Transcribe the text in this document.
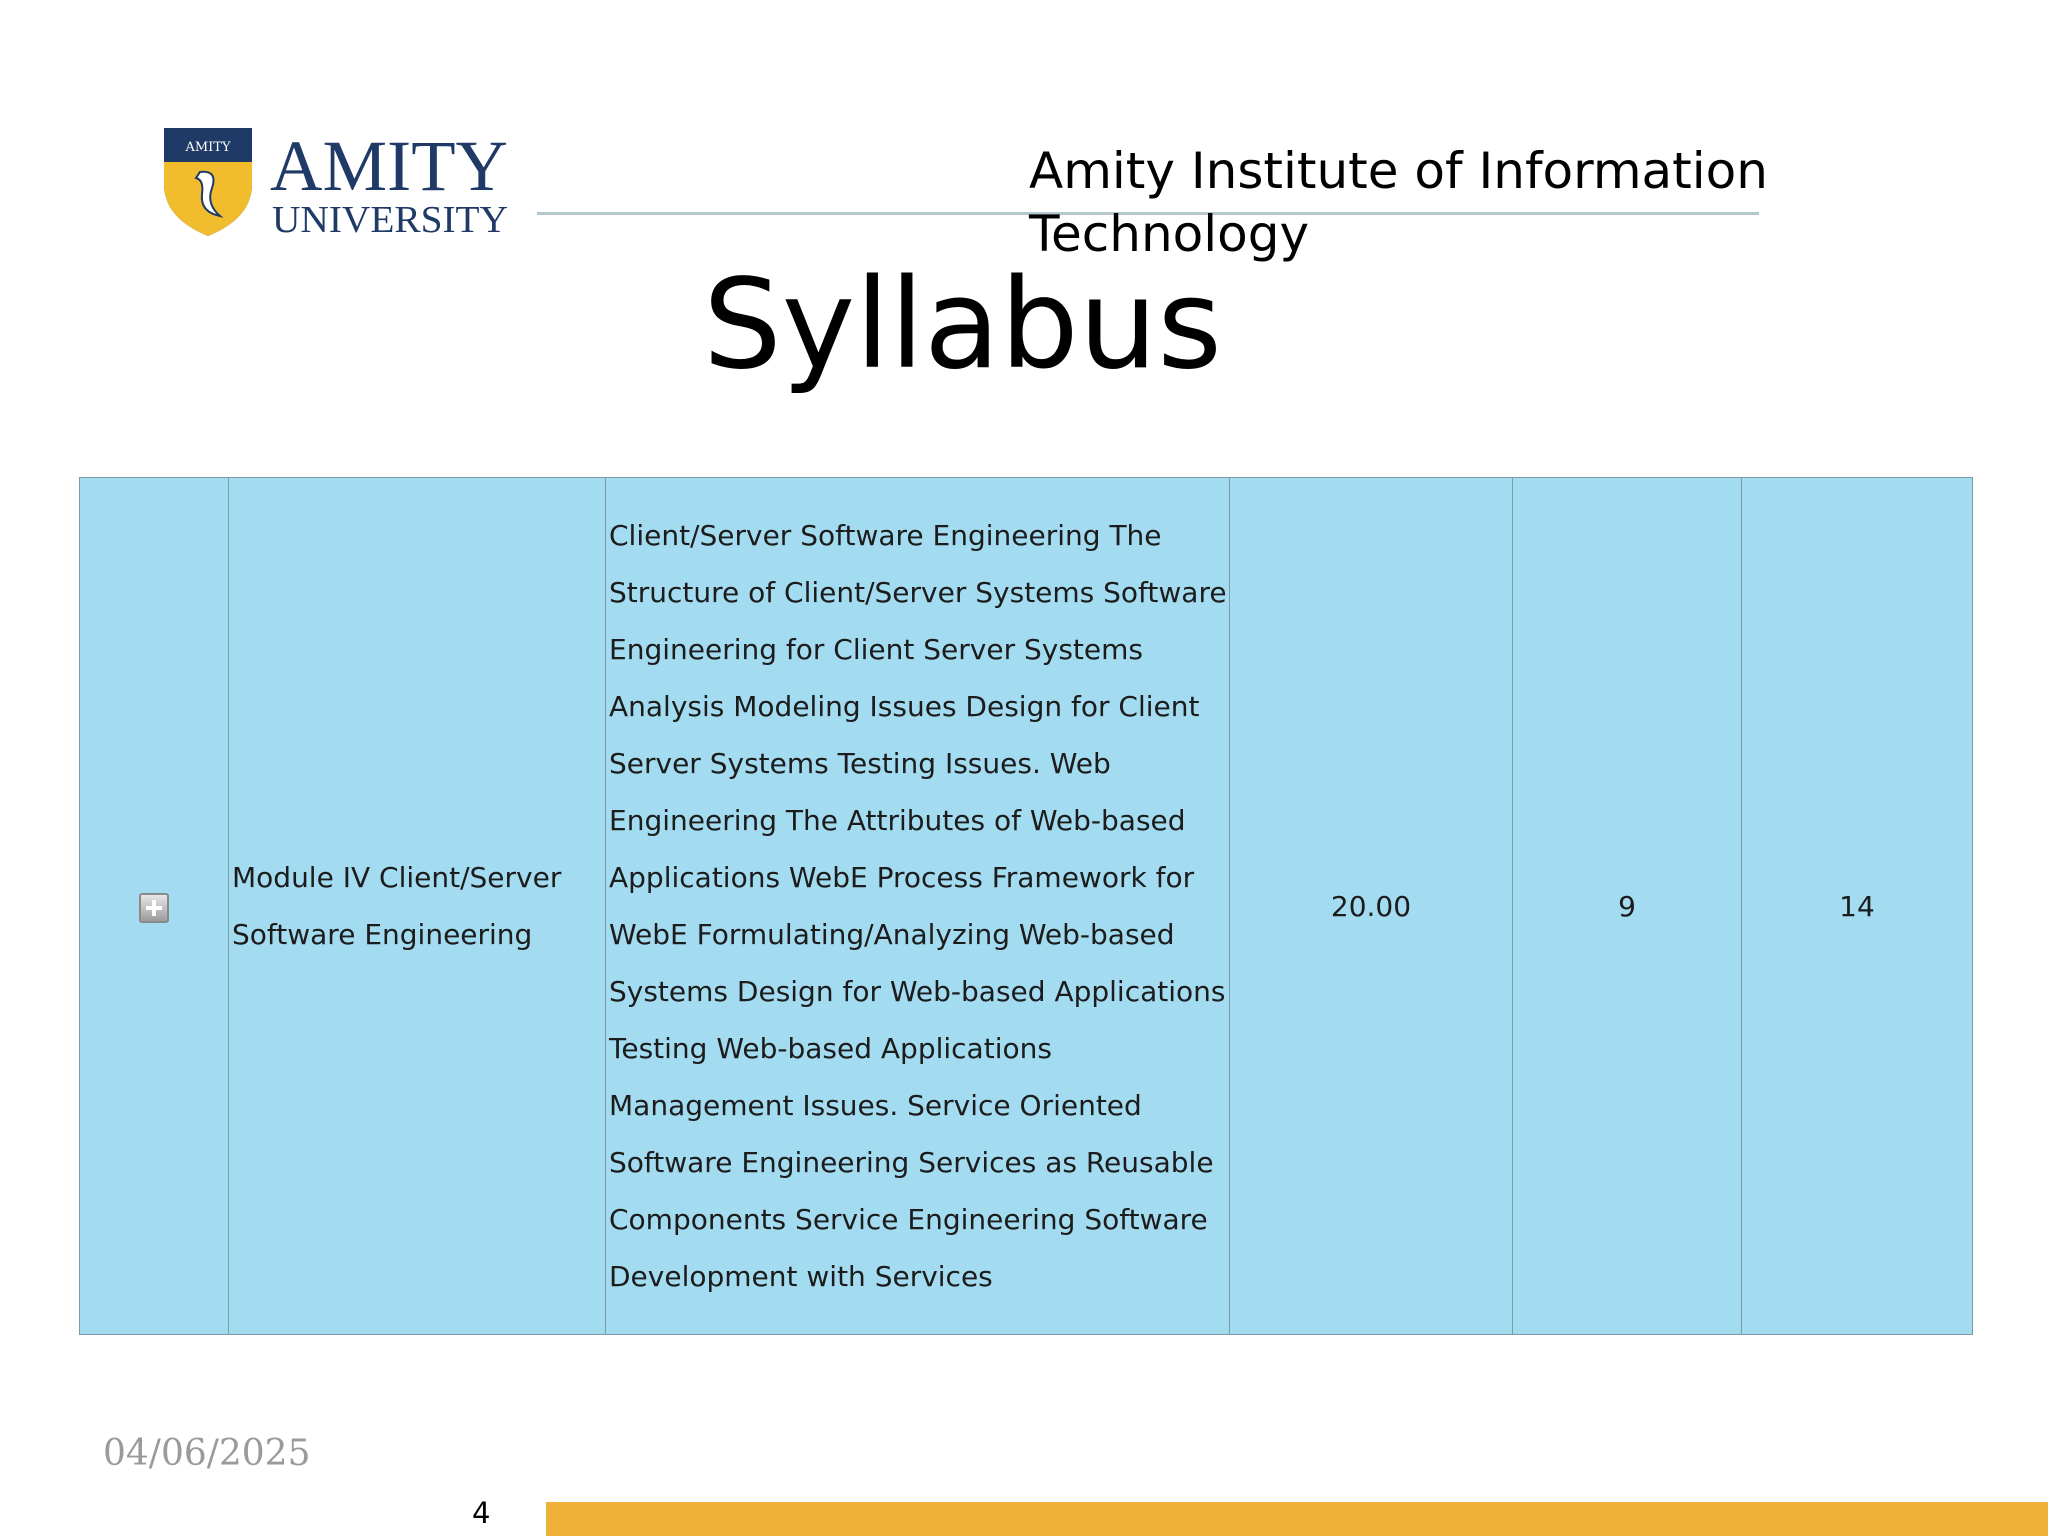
AMITY AMITY
UNIVERSITY
Amity Institute of Information Technology
Syllabus
	Module IV Client/Server Software Engineering	Client/Server Software Engineering The Structure of Client/Server Systems Software Engineering for Client Server Systems Analysis Modeling Issues Design for Client Server Systems Testing Issues. Web Engineering The Attributes of Web-based Applications WebE Process Framework for WebE Formulating/Analyzing Web-based Systems Design for Web-based Applications Testing Web-based Applications Management Issues. Service Oriented Software Engineering Services as Reusable Components Service Engineering Software Development with Services	20.00	9	14
04/06/2025
4
